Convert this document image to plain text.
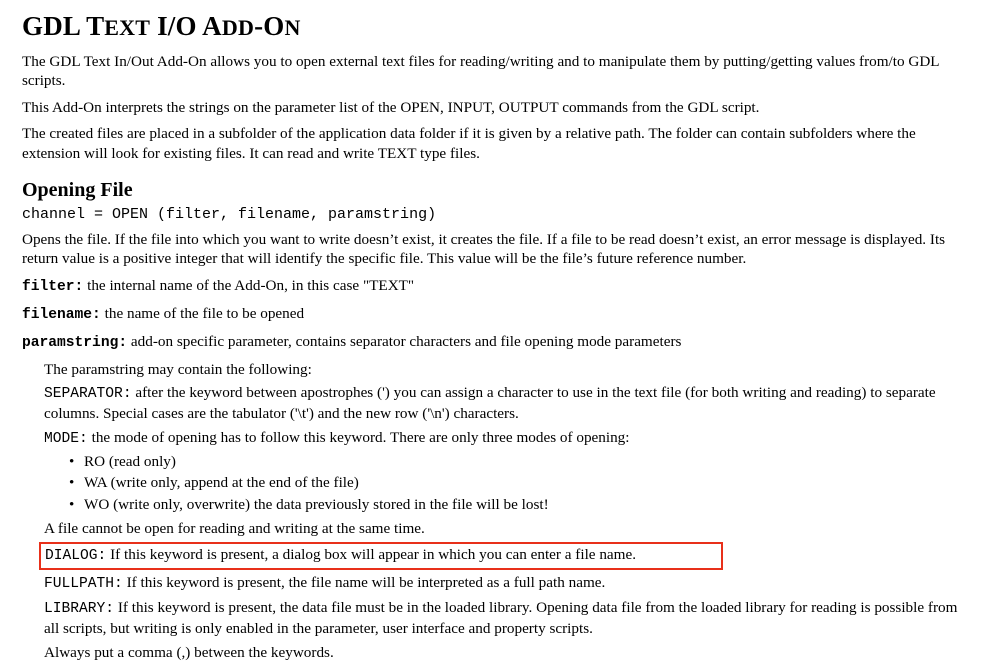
GDL TEXT I/O ADD-ON

The GDL Text In/Out Add-On allows you to open external text files for reading/writing and to manipulate them by putting/getting values from/to GDL scripts.

This Add-On interprets the strings on the parameter list of the OPEN, INPUT, OUTPUT commands from the GDL script.

The created files are placed in a subfolder of the application data folder if it is given by a relative path. The folder can contain subfolders where the extension will look for existing files. It can read and write TEXT type files.

Opening File
channel = OPEN (filter, filename, paramstring)

Opens the file. If the file into which you want to write doesn’t exist, it creates the file. If a file to be read doesn’t exist, an error message is displayed. Its return value is a positive integer that will identify the specific file. This value will be the file’s future reference number.

filter: the internal name of the Add-On, in this case "TEXT"
filename: the name of the file to be opened
paramstring: add-on specific parameter, contains separator characters and file opening mode parameters

The paramstring may contain the following:

SEPARATOR: after the keyword between apostrophes (') you can assign a character to use in the text file (for both writing and reading) to separate columns. Special cases are the tabulator ('\t') and the new row ('\n') characters.
MODE: the mode of opening has to follow this keyword. There are only three modes of opening:
• RO (read only)
• WA (write only, append at the end of the file)
• WO (write only, overwrite) the data previously stored in the file will be lost!

A file cannot be open for reading and writing at the same time.

DIALOG: If this keyword is present, a dialog box will appear in which you can enter a file name.
FULLPATH: If this keyword is present, the file name will be interpreted as a full path name.
LIBRARY: If this keyword is present, the data file must be in the loaded library. Opening data file from the loaded library for reading is possible from all scripts, but writing is only enabled in the parameter, user interface and property scripts.

Always put a comma (,) between the keywords.
